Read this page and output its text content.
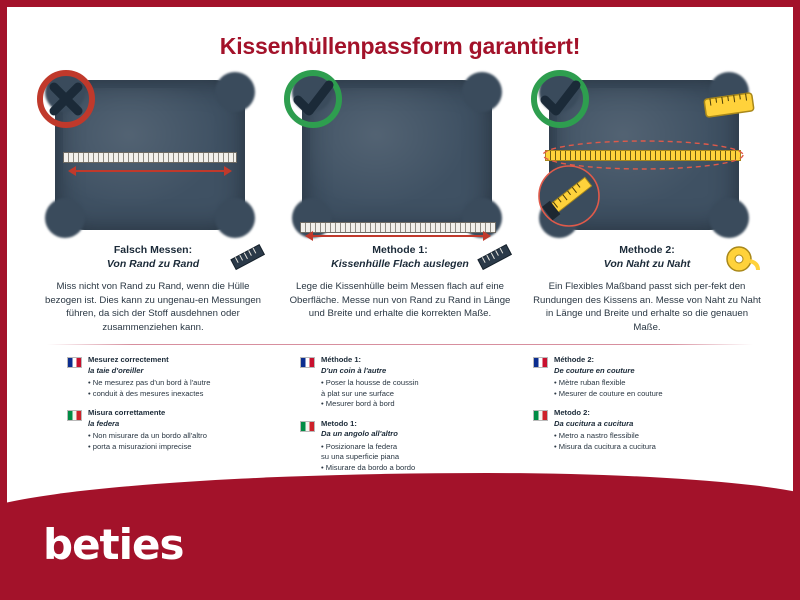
Kissenhüllenpassform garantiert!
Falsch Messen:
Von Rand zu Rand
Miss nicht von Rand zu Rand, wenn die Hülle bezogen ist. Dies kann zu ungenau-en Messungen führen, da sich der Stoff ausdehnen oder zusammenziehen kann.
Methode 1:
Kissenhülle Flach auslegen
Lege die Kissenhülle beim Messen flach auf eine Oberfläche. Messe nun von Rand zu Rand in Länge und Breite und erhalte die korrekten Maße.
Methode 2:
Von Naht zu Naht
Ein Flexibles Maßband passt sich per-fekt den Rundungen des Kissens an. Messe von Naht zu Naht in Länge und Breite und erhalte so die genauen Maße.
Mesurez correctement
la taie d'oreiller
• Ne mesurez pas d'un bord à l'autre
• conduit à des mesures inexactes
Misura correttamente
la federa
• Non misurare da un bordo all'altro
• porta a misurazioni imprecise
Méthode 1:
D'un coin à l'autre
• Poser la housse de coussin
à plat sur une surface
• Mesurer bord à bord
Metodo 1:
Da un angolo all'altro
• Posizionare la federa
su una superficie piana
• Misurare da bordo a bordo
Méthode 2:
De couture en couture
• Mètre ruban flexible
• Mesurer de couture en couture
Metodo 2:
Da cucitura a cucitura
• Metro a nastro flessibile
• Misura da cucitura a cucitura
beties
